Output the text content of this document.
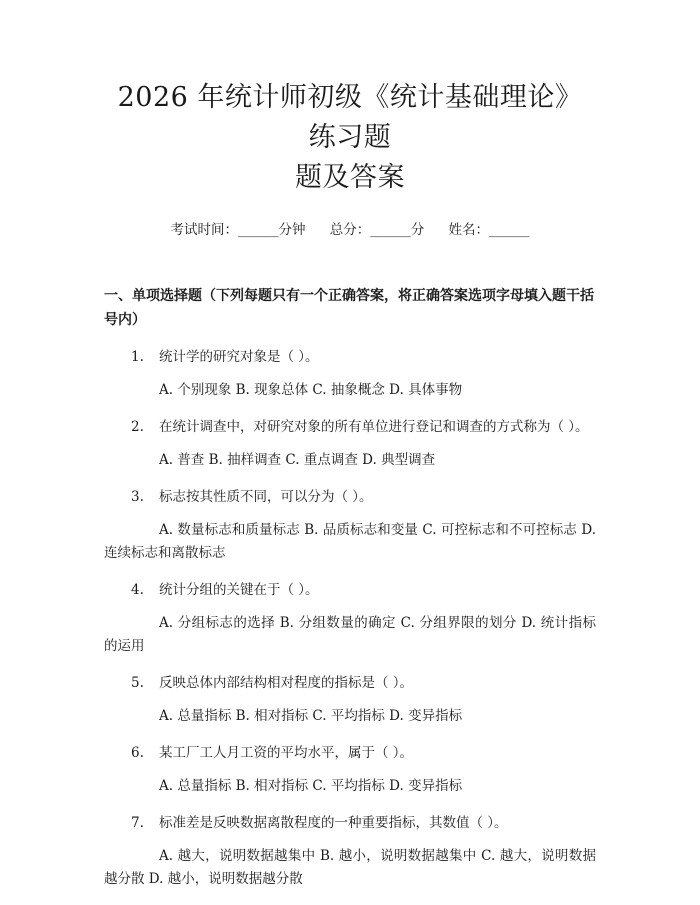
2026 年统计师初级《统计基础理论》练习题
题及答案
考试时间：______分钟 总分：______分 姓名：______
一、单项选择题（下列每题只有一个正确答案，将正确答案选项字母填入题干括号内）
1. 统计学的研究对象是（ ）。
A. 个别现象 B. 现象总体 C. 抽象概念 D. 具体事物
2. 在统计调查中，对研究对象的所有单位进行登记和调查的方式称为（ ）。
A. 普查 B. 抽样调查 C. 重点调查 D. 典型调查
3. 标志按其性质不同，可以分为（ ）。
A. 数量标志和质量标志 B. 品质标志和变量 C. 可控标志和不可控标志 D. 连续标志和离散标志
4. 统计分组的关键在于（ ）。
A. 分组标志的选择 B. 分组数量的确定 C. 分组界限的划分 D. 统计指标的运用
5. 反映总体内部结构相对程度的指标是（ ）。
A. 总量指标 B. 相对指标 C. 平均指标 D. 变异指标
6. 某工厂工人月工资的平均水平，属于（ ）。
A. 总量指标 B. 相对指标 C. 平均指标 D. 变异指标
7. 标准差是反映数据离散程度的一种重要指标，其数值（ ）。
A. 越大，说明数据越集中 B. 越小，说明数据越集中 C. 越大，说明数据越分散 D. 越小，说明数据越分散
